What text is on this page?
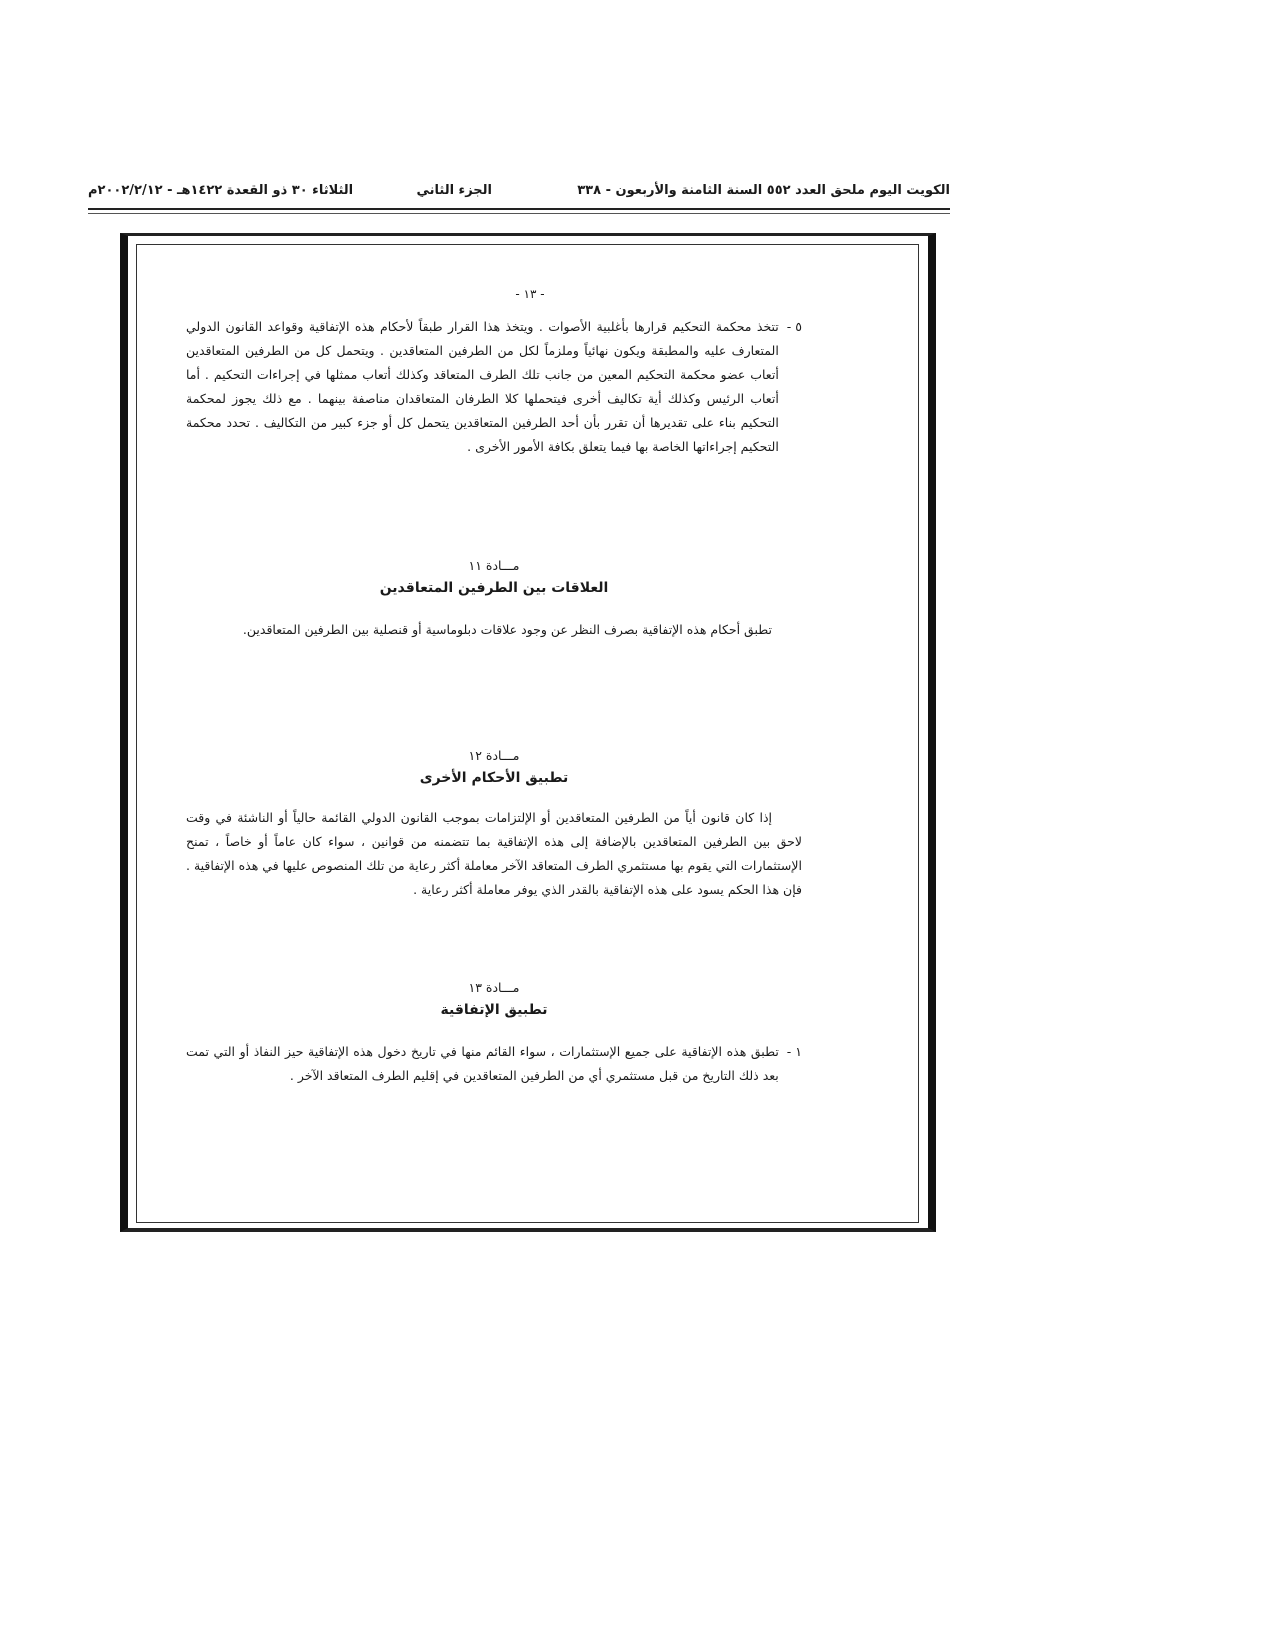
الكويت اليوم ملحق العدد ٥٥٢ السنة الثامنة والأربعون - ٣٣٨
الجزء الثاني
الثلاثاء ٣٠ ذو القعدة ١٤٢٢هـ - ٢٠٠٢/٢/١٢م
- ١٣ -
٥ -
تتخذ محكمة التحكيم قرارها بأغلبية الأصوات . ويتخذ هذا القرار طبقاً لأحكام هذه الإتفاقية وقواعد القانون الدولي المتعارف عليه والمطبقة ويكون نهائياً وملزماً لكل من الطرفين المتعاقدين . ويتحمل كل من الطرفين المتعاقدين أتعاب عضو محكمة التحكيم المعين من جانب تلك الطرف المتعاقد وكذلك أتعاب ممثلها في إجراءات التحكيم . أما أتعاب الرئيس وكذلك أية تكاليف أخرى فيتحملها كلا الطرفان المتعاقدان مناصفة بينهما . مع ذلك يجوز لمحكمة التحكيم بناء على تقديرها أن تقرر بأن أحد الطرفين المتعاقدين يتحمل كل أو جزء كبير من التكاليف . تحدد محكمة التحكيم إجراءاتها الخاصة بها فيما يتعلق بكافة الأمور الأخرى .
مـــادة ١١
العلاقات بين الطرفين المتعاقدين
تطبق أحكام هذه الإتفاقية بصرف النظر عن وجود علاقات دبلوماسية أو قنصلية بين الطرفين المتعاقدين.
مـــادة ١٢
تطبيق الأحكام الأخرى
إذا كان قانون أياً من الطرفين المتعاقدين أو الإلتزامات بموجب القانون الدولي القائمة حالياً أو الناشئة في وقت لاحق بين الطرفين المتعاقدين بالإضافة إلى هذه الإتفاقية بما تتضمنه من قوانين ، سواء كان عاماً أو خاصاً ، تمنح الإستثمارات التي يقوم بها مستثمري الطرف المتعاقد الآخر معاملة أكثر رعاية من تلك المنصوص عليها في هذه الإتفاقية . فإن هذا الحكم يسود على هذه الإتفاقية بالقدر الذي يوفر معاملة أكثر رعاية .
مـــادة ١٣
تطبيق الإتفاقية
١ -
تطبق هذه الإتفاقية على جميع الإستثمارات ، سواء القائم منها في تاريخ دخول هذه الإتفاقية حيز النفاذ أو التي تمت بعد ذلك التاريخ من قبل مستثمري أي من الطرفين المتعاقدين في إقليم الطرف المتعاقد الآخر .
